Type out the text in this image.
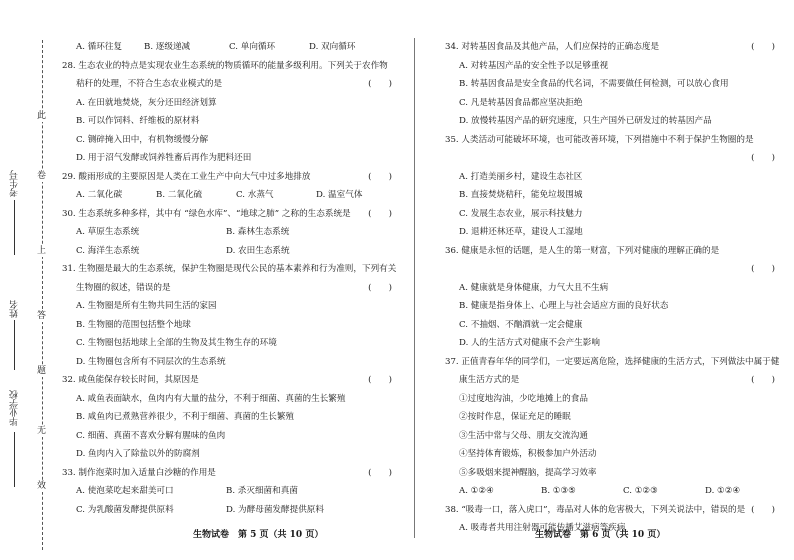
此
卷
上
答
题
无
效
考生号
姓名
毕业学校
A. 循环往复	B. 逐级递减	C. 单向循环	D. 双向循环
28. 生态农业的特点是实现农业生态系统的物质循环的能量多级利用。下列关于农作物
秸秆的处理，不符合生态农业模式的是	(　　)
A. 在田就地焚烧，灰分还田经济划算
B. 可以作饲料、纤维板的原材料
C. 铡碎掩入田中，有机物缓慢分解
D. 用于沼气发酵或饲养牲畜后再作为肥料还田
29. 酸雨形成的主要原因是人类在工业生产中向大气中过多地排放	(　　)
A. 二氧化碳	B. 二氧化硫	C. 水蒸气	D. 温室气体
30. 生态系统多种多样，其中有 “绿色水库”、“地球之肺” 之称的生态系统是 (　　)
A. 草原生态系统	B. 森林生态系统
C. 海洋生态系统	D. 农田生态系统
31. 生物圈是最大的生态系统，保护生物圈是现代公民的基本素养和行为准则，下列有关
生物圈的叙述，错误的是	(　　)
A. 生物圈是所有生物共同生活的家园
B. 生物圈的范围包括整个地球
C. 生物圈包括地球上全部的生物及其生物生存的环境
D. 生物圈包含所有不同层次的生态系统
32. 咸鱼能保存较长时间，其原因是	(　　)
A. 咸鱼表面缺水，鱼肉内有大量的盐分，不利于细菌、真菌的生长繁殖
B. 咸鱼肉已煮熟营养很少，不利于细菌、真菌的生长繁殖
C. 细菌、真菌不喜欢分解有腥味的鱼肉
D. 鱼肉内入了除盐以外的防腐剂
33. 制作泡菜时加入适量白沙糖的作用是	(　　)
A. 使泡菜吃起来甜美可口	B. 杀灭细菌和真菌
C. 为乳酸菌发酵提供原料	D. 为酵母菌发酵提供原料
34. 对转基因食品及其他产品，人们应保持的正确态度是	(　　)
A. 对转基因产品的安全性予以足够重视
B. 转基因食品是安全食品的代名词，不需要做任何检测，可以放心食用
C. 凡是转基因食品都应坚决拒绝
D. 放慢转基因产品的研究速度，只生产国外已研发过的转基因产品
35. 人类活动可能破坏环境，也可能改善环境，下列措施中不利于保护生物圈的是
(　　)

A. 打造美丽乡村，建设生态社区
B. 直接焚烧秸秆，能免垃圾围城
C. 发展生态农业，展示科技魅力
D. 退耕还林还草，建设人工湿地
36. 健康是永恒的话题，是人生的第一财富，下列对健康的理解正确的是
(　　)

A. 健康就是身体健康，力气大且不生病
B. 健康是指身体上、心理上与社会适应方面的良好状态
C. 不抽烟、不酗酒就一定会健康
D. 人的生活方式对健康不会产生影响
37. 正值青春年华的同学们，一定要远离危险，选择健康的生活方式，下列做法中属于健
康生活方式的是	(　　)
①过度地沟油，少吃地摊上的食品
②按时作息，保证充足的睡眠
③生活中常与父母、朋友交流沟通
④坚持体育锻炼，积极参加户外活动
⑤多吸烟来提神醒脑，提高学习效率
A. ①②④	B. ①③⑤	C. ①②③	D. ①②④
38. “吸毒一口，落入虎口”，毒品对人体的危害极大，下列关说法中，错误的是 (　　)
A. 吸毒者共用注射器可能传播艾滋病等疾病
生物试卷　第 5 页（共 10 页）	生物试卷　第 6 页（共 10 页）
